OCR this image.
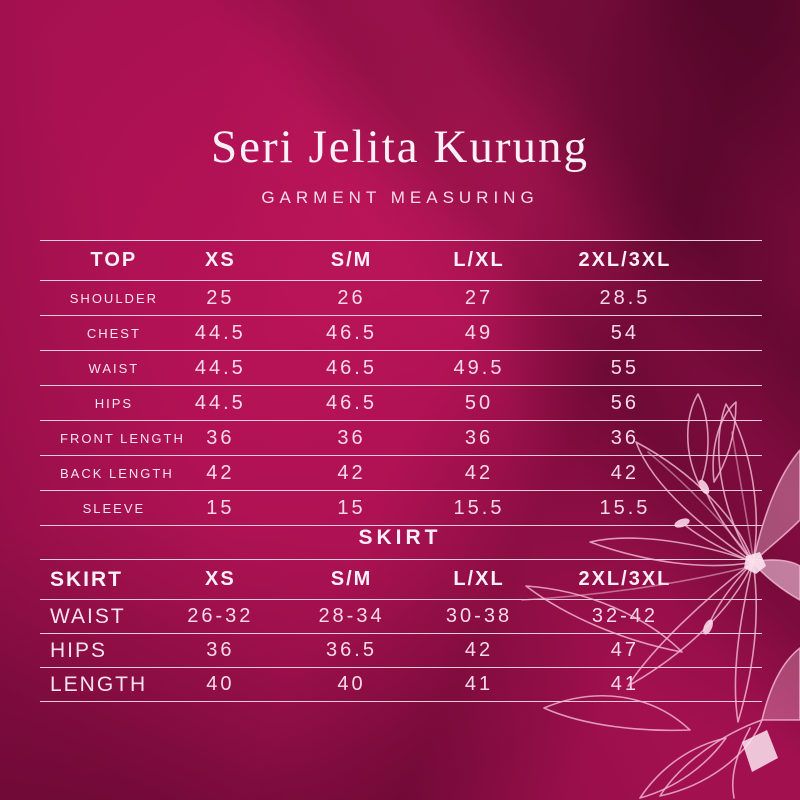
Seri Jelita Kurung
GARMENT MEASURING
TOP	XS	S/M	L/XL	2XL/3XL
SHOULDER	25	26	27	28.5
CHEST	44.5	46.5	49	54
WAIST	44.5	46.5	49.5	55
HIPS	44.5	46.5	50	56
FRONT LENGTH	36	36	36	36
BACK LENGTH	42	42	42	42
SLEEVE	15	15	15.5	15.5
SKIRT
SKIRT	XS	S/M	L/XL	2XL/3XL
WAIST	26-32	28-34	30-38	32-42
HIPS	36	36.5	42	47
LENGTH	40	40	41	41
